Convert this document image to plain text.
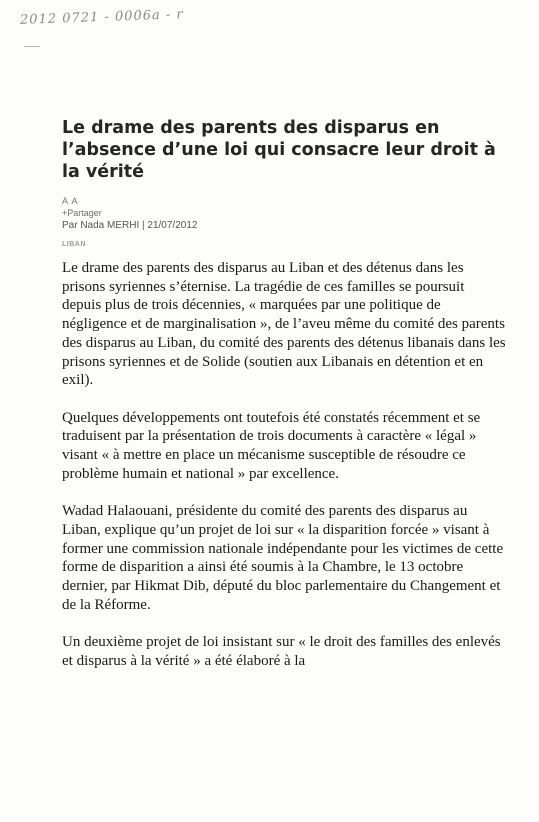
2012 0721 - 0006a - r
Le drame des parents des disparus en l’absence d’une loi qui consacre leur droit à la vérité
A A
+Partager
Par Nada MERHI | 21/07/2012
LIBAN

Le drame des parents des disparus au Liban et des détenus dans les prisons syriennes s’éternise. La tragédie de ces familles se poursuit depuis plus de trois décennies, « marquées par une politique de négligence et de marginalisation », de l’aveu même du comité des parents des disparus au Liban, du comité des parents des détenus libanais dans les prisons syriennes et de Solide (soutien aux Libanais en détention et en exil).

Quelques développements ont toutefois été constatés récemment et se traduisent par la présentation de trois documents à caractère « légal » visant « à mettre en place un mécanisme susceptible de résoudre ce problème humain et national » par excellence.

Wadad Halaouani, présidente du comité des parents des disparus au Liban, explique qu’un projet de loi sur « la disparition forcée » visant à former une commission nationale indépendante pour les victimes de cette forme de disparition a ainsi été soumis à la Chambre, le 13 octobre dernier, par Hikmat Dib, député du bloc parlementaire du Changement et de la Réforme.

Un deuxième projet de loi insistant sur « le droit des familles des enlevés et disparus à la vérité » a été élaboré à la
